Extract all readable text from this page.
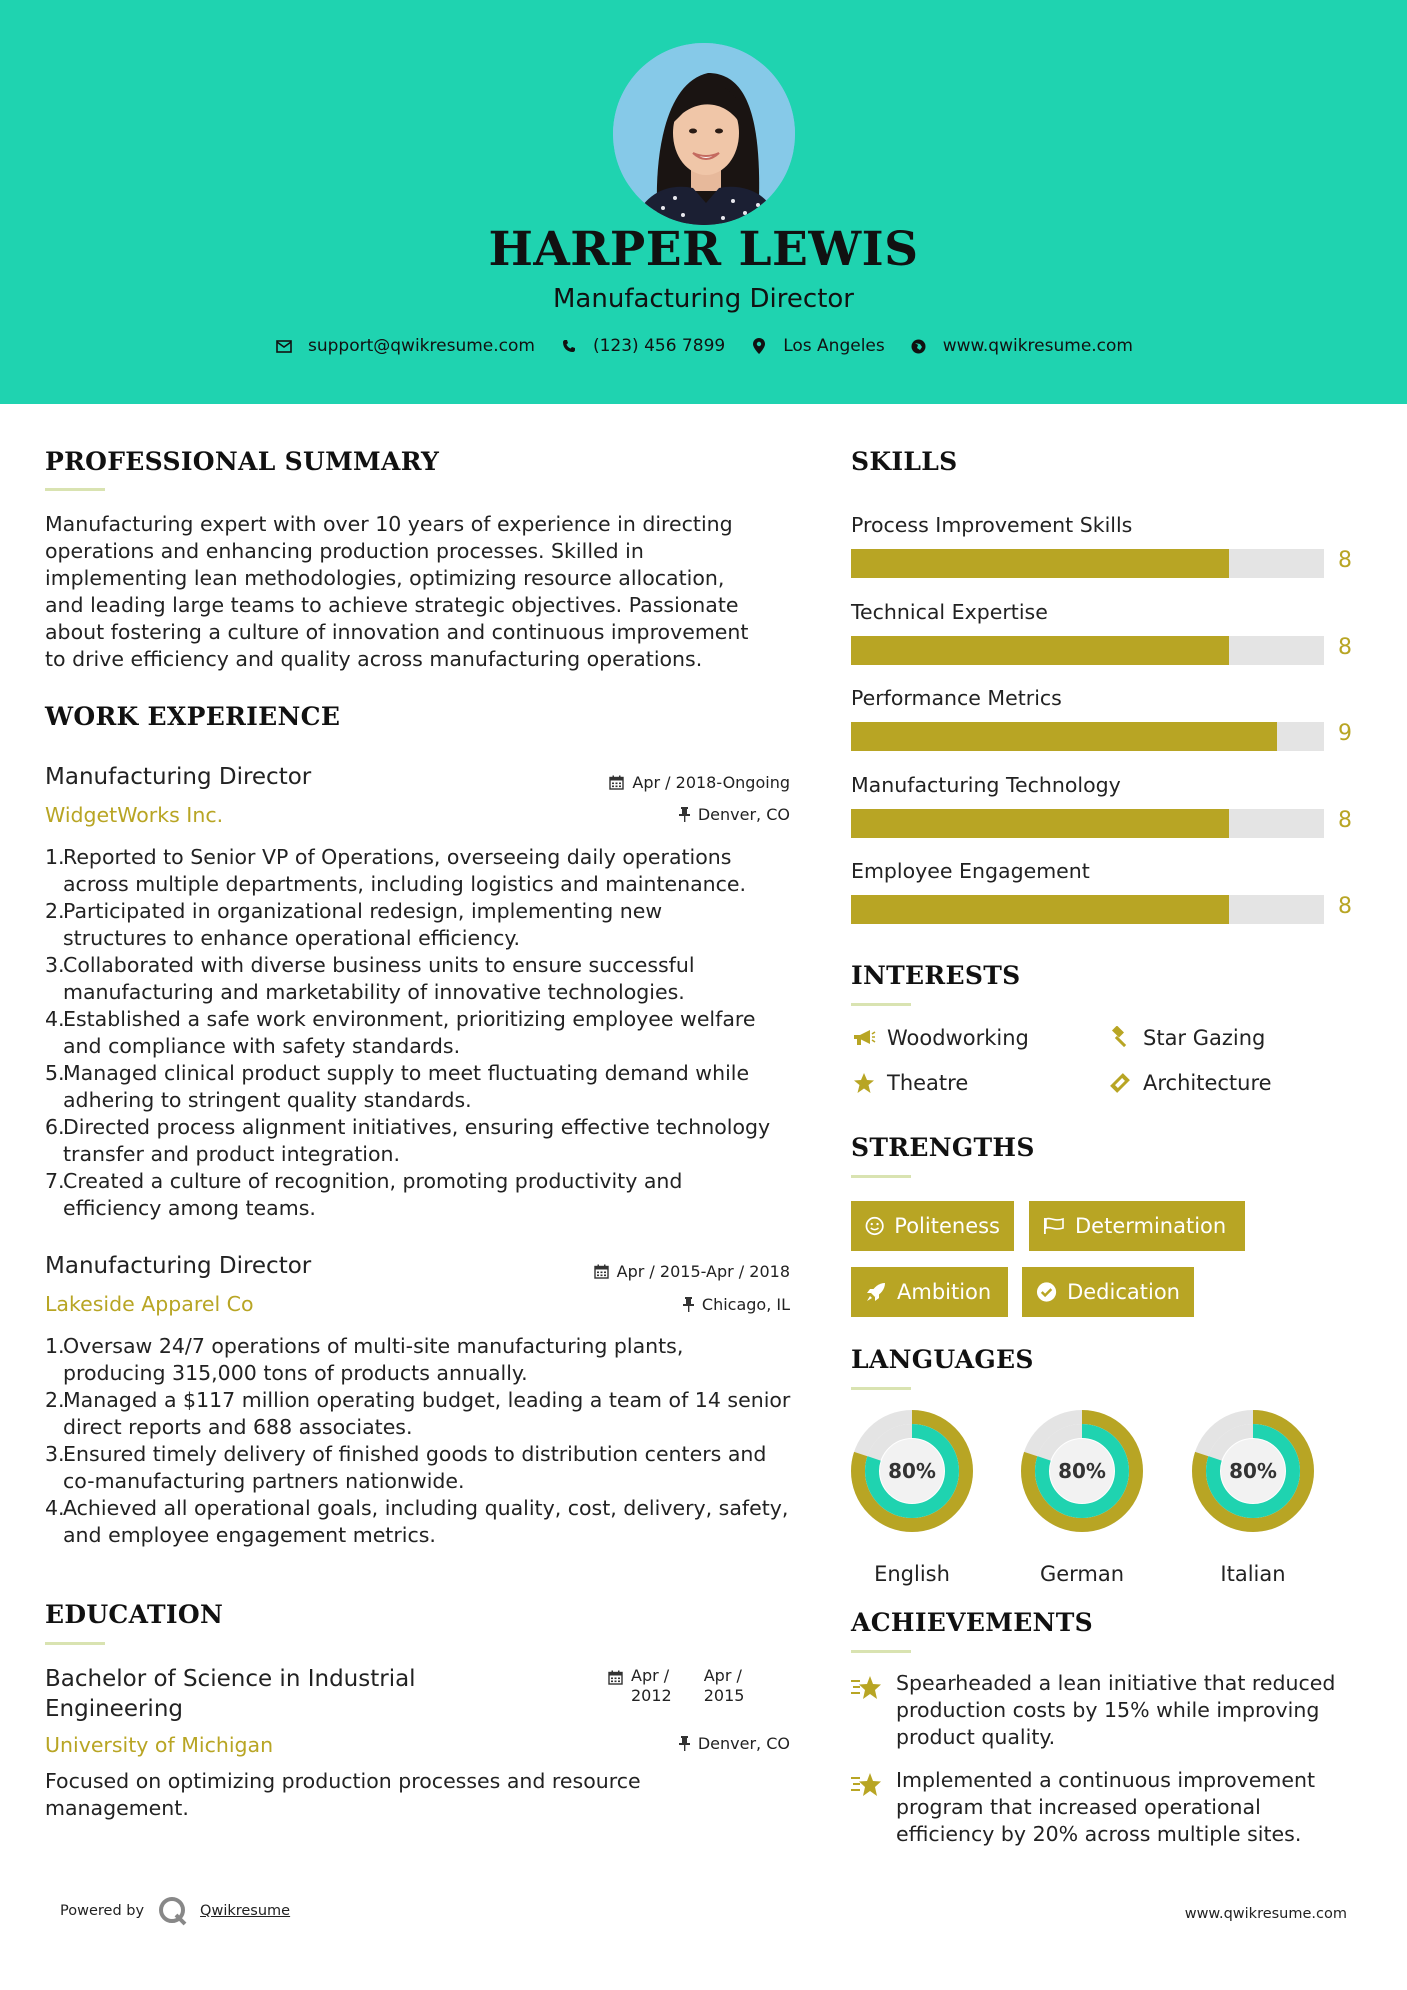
HARPER LEWIS
Manufacturing Director
support@qwikresume.com	(123) 456 7899	Los Angeles	www.qwikresume.com
PROFESSIONAL SUMMARY
Manufacturing expert with over 10 years of experience in directing
operations and enhancing production processes. Skilled in
implementing lean methodologies, optimizing resource allocation,
and leading large teams to achieve strategic objectives. Passionate
about fostering a culture of innovation and continuous improvement
to drive efficiency and quality across manufacturing operations.
WORK EXPERIENCE
Manufacturing Director
WidgetWorks Inc.
Apr / 2018-Ongoing
Denver, CO
1.
Reported to Senior VP of Operations, overseeing daily operations
across multiple departments, including logistics and maintenance.
2.
Participated in organizational redesign, implementing new
structures to enhance operational efficiency.
3.
Collaborated with diverse business units to ensure successful
manufacturing and marketability of innovative technologies.
4.
Established a safe work environment, prioritizing employee welfare
and compliance with safety standards.
5.
Managed clinical product supply to meet fluctuating demand while
adhering to stringent quality standards.
6.
Directed process alignment initiatives, ensuring effective technology
transfer and product integration.
7.
Created a culture of recognition, promoting productivity and
efficiency among teams.
Manufacturing Director
Lakeside Apparel Co
Apr / 2015-Apr / 2018
Chicago, IL
1.
Oversaw 24/7 operations of multi-site manufacturing plants,
producing 315,000 tons of products annually.
2.
Managed a $117 million operating budget, leading a team of 14 senior
direct reports and 688 associates.
3.
Ensured timely delivery of finished goods to distribution centers and
co-manufacturing partners nationwide.
4.
Achieved all operational goals, including quality, cost, delivery, safety,
and employee engagement metrics.
EDUCATION
Bachelor of Science in Industrial
Engineering
University of Michigan
Apr /
2012
Apr /
2015
Denver, CO
Focused on optimizing production processes and resource
management.
SKILLS
Process Improvement Skills
8
Technical Expertise
8
Performance Metrics
9
Manufacturing Technology
8
Employee Engagement
8
INTERESTS
Woodworking	Star Gazing
Theatre	Architecture
STRENGTHS
Politeness	Determination
Ambition	Dedication
LANGUAGES
80%
English
80%
German
80%
Italian
ACHIEVEMENTS
Spearheaded a lean initiative that reduced
production costs by 15% while improving
product quality.
Implemented a continuous improvement
program that increased operational
efficiency by 20% across multiple sites.
Powered by	Qwikresume	www.qwikresume.com
